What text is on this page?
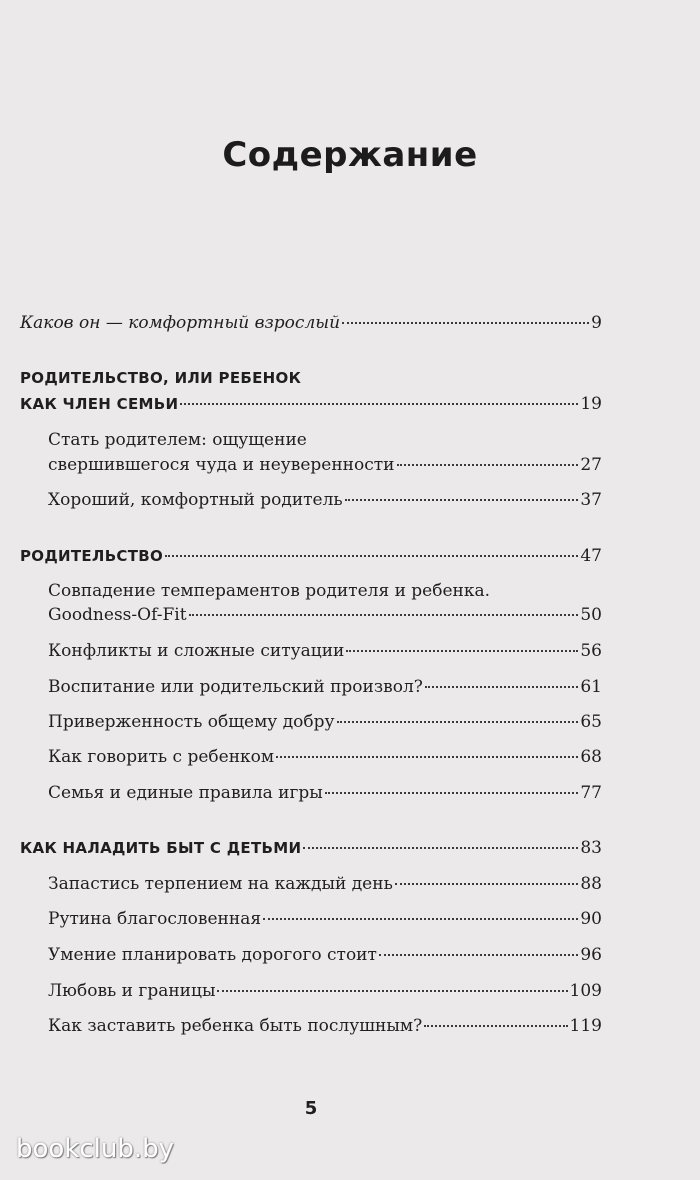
Содержание
Каков он — комфортный взрослый	9
РОДИТЕЛЬСТВО, ИЛИ РЕБЕНОК
КАК ЧЛЕН СЕМЬИ	19
Стать родителем: ощущение
свершившегося чуда и неуверенности	27
Хороший, комфортный родитель	37
РОДИТЕЛЬСТВО	47
Совпадение темпераментов родителя и ребенка.
Goodness-Of-Fit	50
Конфликты и сложные ситуации	56
Воспитание или родительский произвол?	61
Приверженность общему добру	65
Как говорить с ребенком	68
Семья и единые правила игры	77
КАК НАЛАДИТЬ БЫТ С ДЕТЬМИ	83
Запастись терпением на каждый день	88
Рутина благословенная	90
Умение планировать дорогого стоит	96
Любовь и границы	109
Как заставить ребенка быть послушным?	119
5
bookclub.by
